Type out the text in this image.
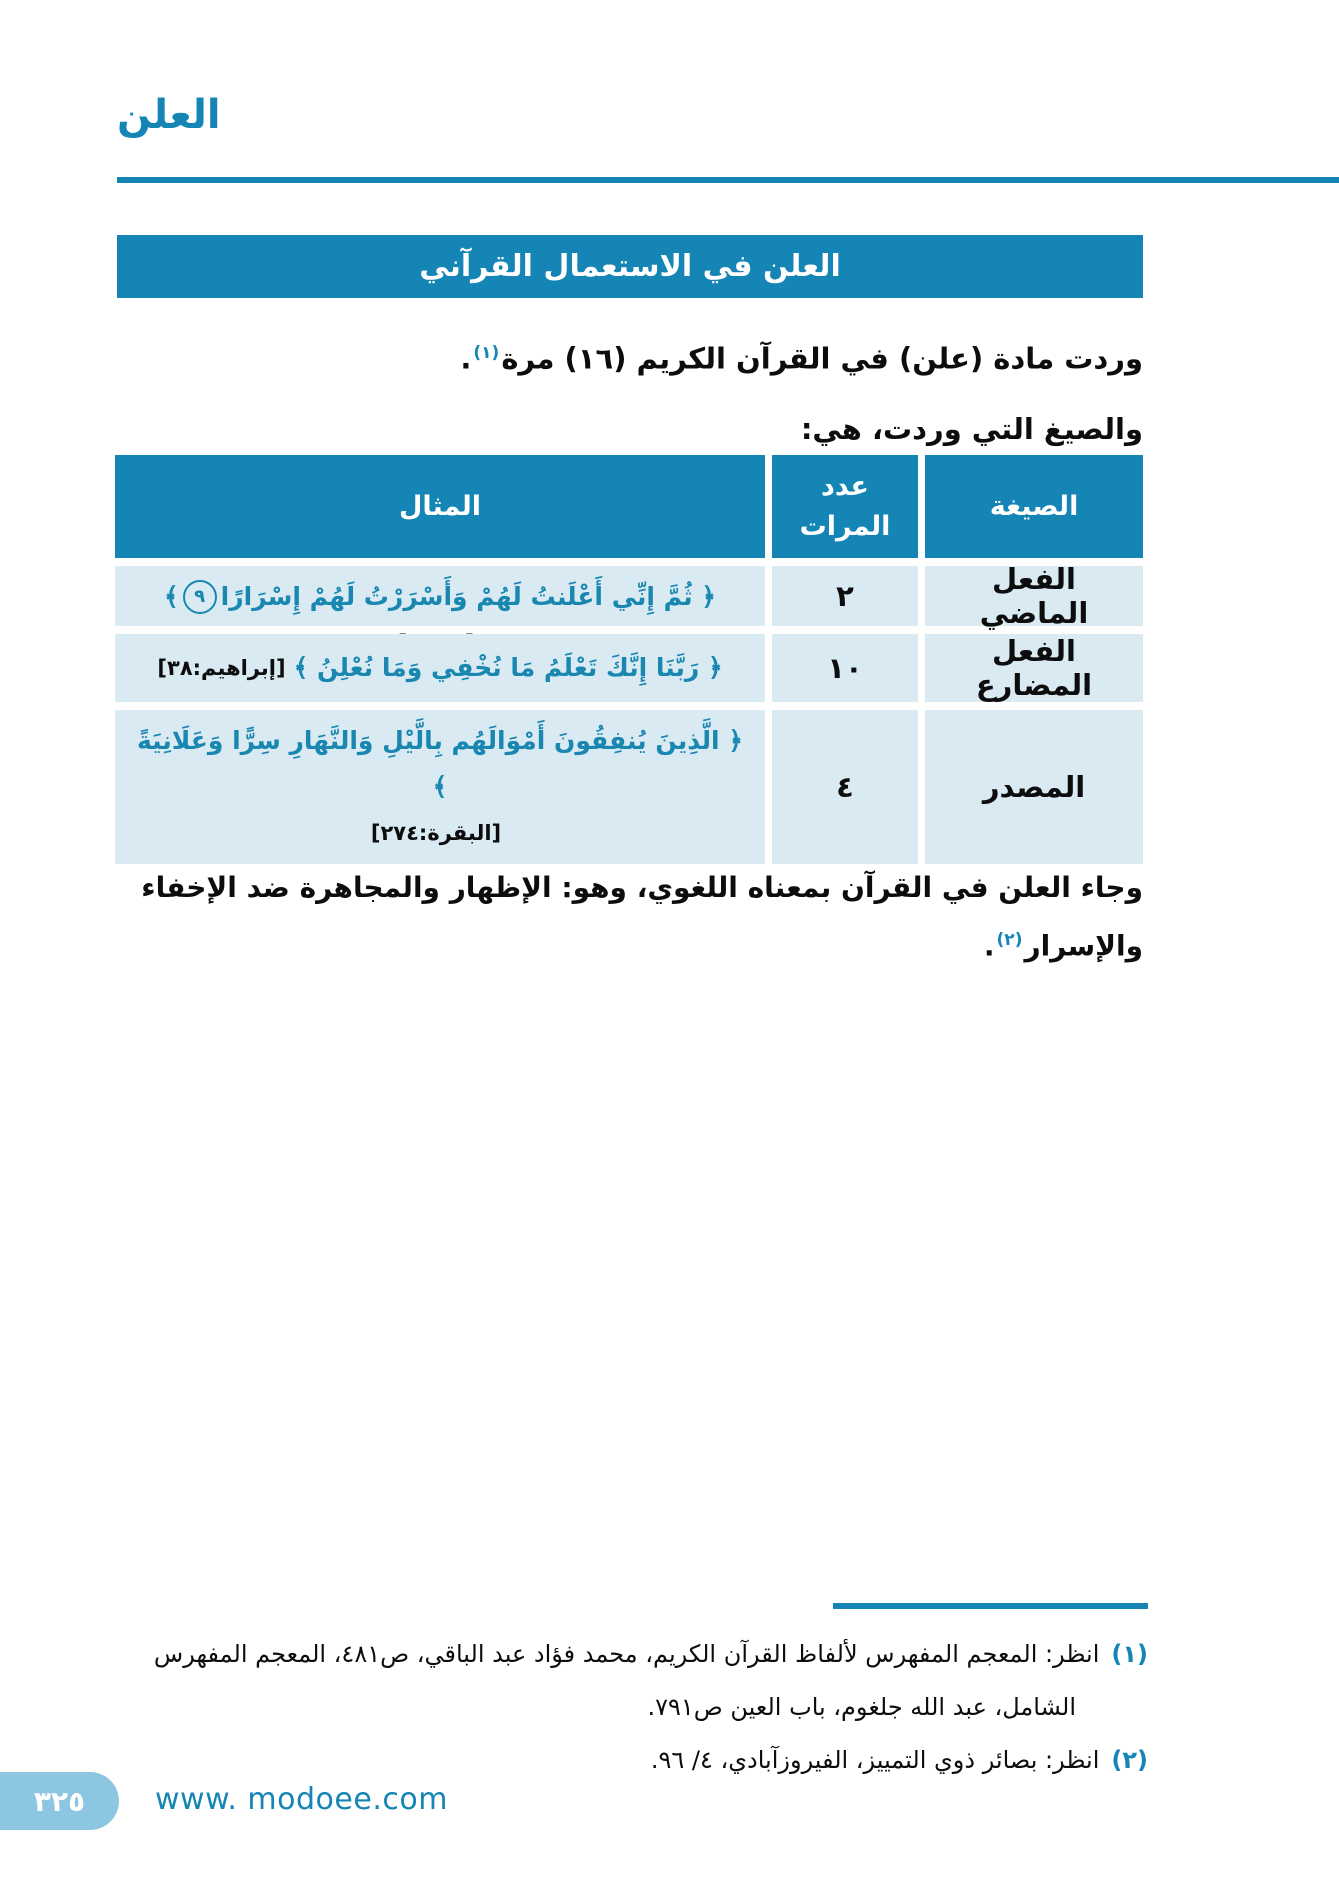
العلن
العلن في الاستعمال القرآني
وردت مادة (علن) في القرآن الكريم (١٦) مرة$^{(١)}$.
والصيغ التي وردت، هي:
الصيغة
عدد المرات
المثال
الفعل الماضي
٢
﴿ ثُمَّ إِنِّي أَعْلَنتُ لَهُمْ وَأَسْرَرْتُ لَهُمْ إِسْرَارًا
٩
﴾
الفعل المضارع
١٠
﴿ رَبَّنَا إِنَّكَ تَعْلَمُ مَا نُخْفِي وَمَا نُعْلِنُ ﴾
[إبراهيم:٣٨]
المصدر
٤
﴿ الَّذِينَ يُنفِقُونَ أَمْوَالَهُم بِالَّيْلِ وَالنَّهَارِ سِرًّا وَعَلَانِيَةً ﴾
[البقرة:٢٧٤]
وجاء العلن في القرآن بمعناه اللغوي، وهو: الإظهار والمجاهرة ضد الإخفاء والإسرار$^{(٢)}$.
(١)انظر: المعجم المفهرس لألفاظ القرآن الكريم، محمد فؤاد عبد الباقي، ص٤٨١، المعجم المفهرس
الشامل، عبد الله جلغوم، باب العين ص٧٩١.
(٢)انظر: بصائر ذوي التمييز، الفيروزآبادي، ٤/ ٩٦.
٣٢٥ www. modoee.com
